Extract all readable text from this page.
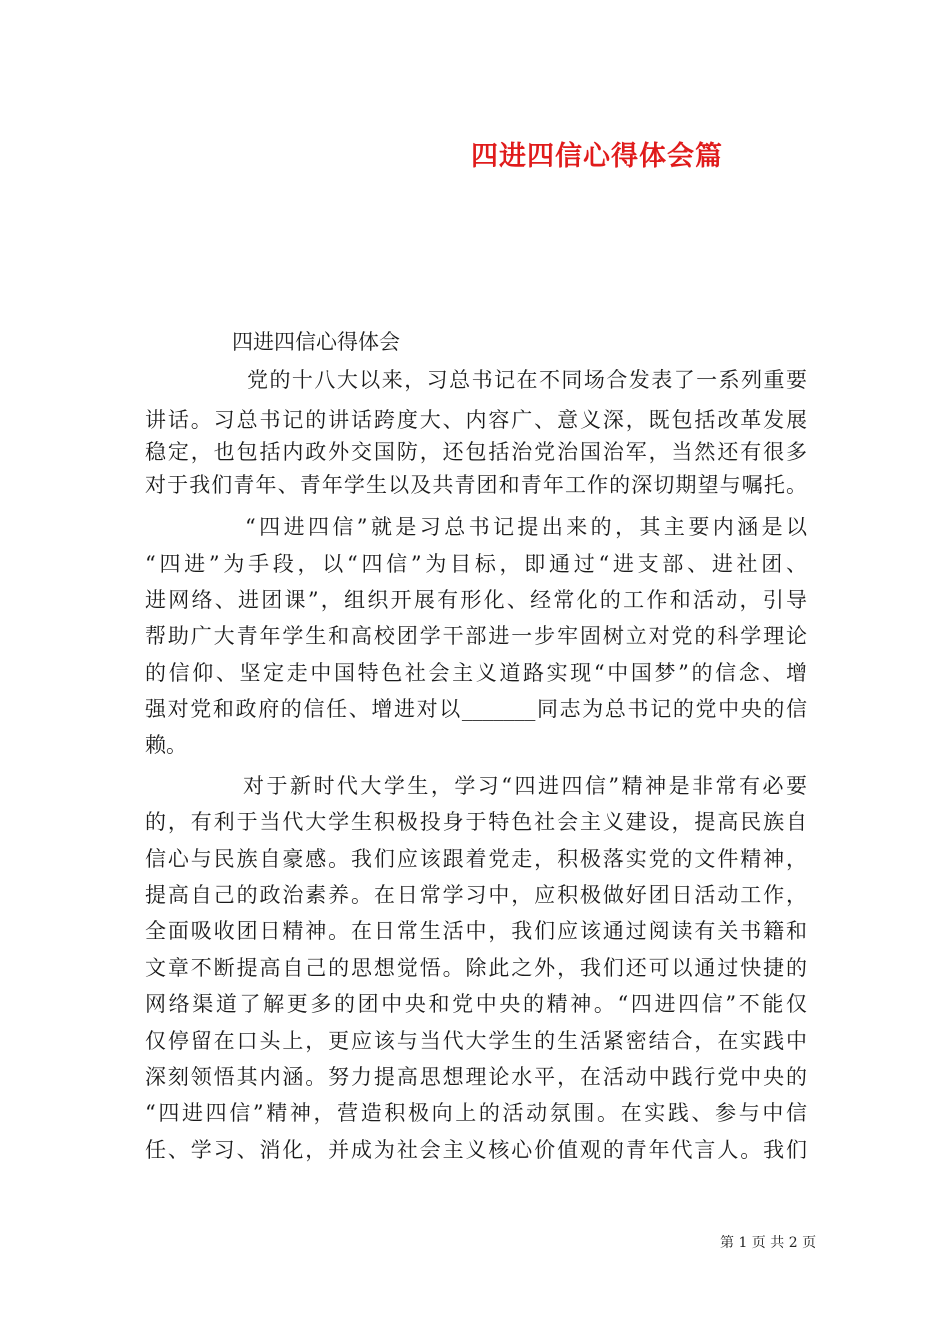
四进四信心得体会篇
四进四信心得体会
党的十八大以来，习总书记在不同场合发表了一系列重要
讲话。习总书记的讲话跨度大、内容广、意义深，既包括改革发展
稳定，也包括内政外交国防，还包括治党治国治军，当然还有很多
对于我们青年、青年学生以及共青团和青年工作的深切期望与嘱托。
“四进四信”就是习总书记提出来的，其主要内涵是以
“四进”为手段，以“四信”为目标，即通过“进支部、进社团、
进网络、进团课”，组织开展有形化、经常化的工作和活动，引导
帮助广大青年学生和高校团学干部进一步牢固树立对党的科学理论
的信仰、坚定走中国特色社会主义道路实现“中国梦”的信念、增
强对党和政府的信任、增进对以_______同志为总书记的党中央的信
赖。
对于新时代大学生，学习“四进四信”精神是非常有必要
的，有利于当代大学生积极投身于特色社会主义建设，提高民族自
信心与民族自豪感。我们应该跟着党走，积极落实党的文件精神，
提高自己的政治素养。在日常学习中，应积极做好团日活动工作，
全面吸收团日精神。在日常生活中，我们应该通过阅读有关书籍和
文章不断提高自己的思想觉悟。除此之外，我们还可以通过快捷的
网络渠道了解更多的团中央和党中央的精神。“四进四信”不能仅
仅停留在口头上，更应该与当代大学生的生活紧密结合，在实践中
深刻领悟其内涵。努力提高思想理论水平，在活动中践行党中央的
“四进四信”精神，营造积极向上的活动氛围。在实践、参与中信
任、学习、消化，并成为社会主义核心价值观的青年代言人。我们
第 1 页 共 2 页
